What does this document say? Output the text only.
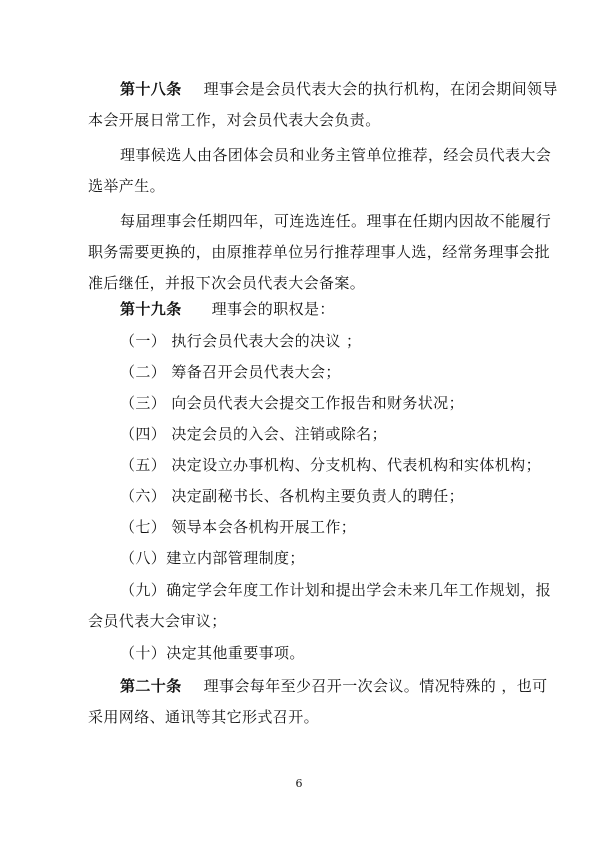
第十八条 理事会是会员代表大会的执行机构，在闭会期间领导
本会开展日常工作，对会员代表大会负责。
理事候选人由各团体会员和业务主管单位推荐，经会员代表大会
选举产生。
每届理事会任期四年，可连选连任。理事在任期内因故不能履行
职务需要更换的，由原推荐单位另行推荐理事人选，经常务理事会批
准后继任，并报下次会员代表大会备案。
第十九条 理事会的职权是：
（一） 执行会员代表大会的决议 ；
（二） 筹备召开会员代表大会；
（三） 向会员代表大会提交工作报告和财务状况；
（四） 决定会员的入会、注销或除名；
（五） 决定设立办事机构、分支机构、代表机构和实体机构；
（六） 决定副秘书长、各机构主要负责人的聘任；
（七） 领导本会各机构开展工作；
（八）建立内部管理制度；
（九）确定学会年度工作计划和提出学会未来几年工作规划，报
会员代表大会审议；
（十）决定其他重要事项。
第二十条 理事会每年至少召开一次会议。情况特殊的 ，也可
采用网络、通讯等其它形式召开。
6
